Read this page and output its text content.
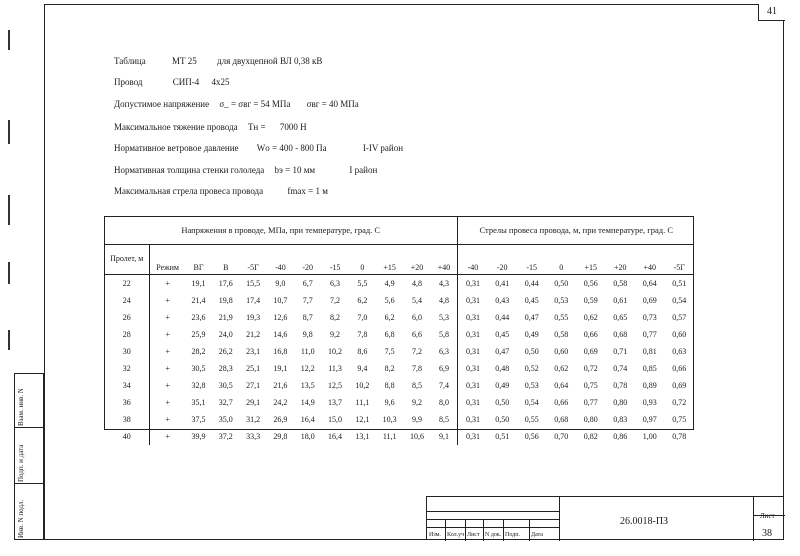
41
Взам. инв. N
Подп. и дата
Инв. N подл.
Таблица	МТ 25 для двухцепной ВЛ 0,38 кВ
Провод	СИП-4 4х25
Допустимое напряжение σ_ = σвг = 54 МПа σвг = 40 МПа
Максимальное тяжение провода Тн = 7000 Н
Нормативное ветровое давление Wо = 400 - 800 Па	I-IV район
Нормативная толщина стенки гололеда bэ = 10 мм	I район
Максимальная стрела провеса провода	fmax = 1 м
Напряжения в проводе, МПа, при температуре, град. С												Стрелы провеса провода, м, при температуре, град. С							
Пролет, м	Режим	ВГ	В	-5Г	-40	-20	-15	0	+15	+20	+40	-40	-20	-15	0	+15	+20	+40	-5Г
22	+	19,1	17,6	15,5	9,0	6,7	6,3	5,5	4,9	4,8	4,3	0,31	0,41	0,44	0,50	0,56	0,58	0,64	0,51
24	+	21,4	19,8	17,4	10,7	7,7	7,2	6,2	5,6	5,4	4,8	0,31	0,43	0,45	0,53	0,59	0,61	0,69	0,54
26	+	23,6	21,9	19,3	12,6	8,7	8,2	7,0	6,2	6,0	5,3	0,31	0,44	0,47	0,55	0,62	0,65	0,73	0,57
28	+	25,9	24,0	21,2	14,6	9,8	9,2	7,8	6,8	6,6	5,8	0,31	0,45	0,49	0,58	0,66	0,68	0,77	0,60
30	+	28,2	26,2	23,1	16,8	11,0	10,2	8,6	7,5	7,2	6,3	0,31	0,47	0,50	0,60	0,69	0,71	0,81	0,63
32	+	30,5	28,3	25,1	19,1	12,2	11,3	9,4	8,2	7,8	6,9	0,31	0,48	0,52	0,62	0,72	0,74	0,85	0,66
34	+	32,8	30,5	27,1	21,6	13,5	12,5	10,2	8,8	8,5	7,4	0,31	0,49	0,53	0,64	0,75	0,78	0,89	0,69
36	+	35,1	32,7	29,1	24,2	14,9	13,7	11,1	9,6	9,2	8,0	0,31	0,50	0,54	0,66	0,77	0,80	0,93	0,72
38	+	37,5	35,0	31,2	26,9	16,4	15,0	12,1	10,3	9,9	8,5	0,31	0,50	0,55	0,68	0,80	0,83	0,97	0,75
40	+	39,9	37,2	33,3	29,8	18,0	16,4	13,1	11,1	10,6	9,1	0,31	0,51	0,56	0,70	0,82	0,86	1,00	0,78
Изм. Кол.уч Лист N док. Подп. Дата
26.0018-ПЗ	Лист
38
